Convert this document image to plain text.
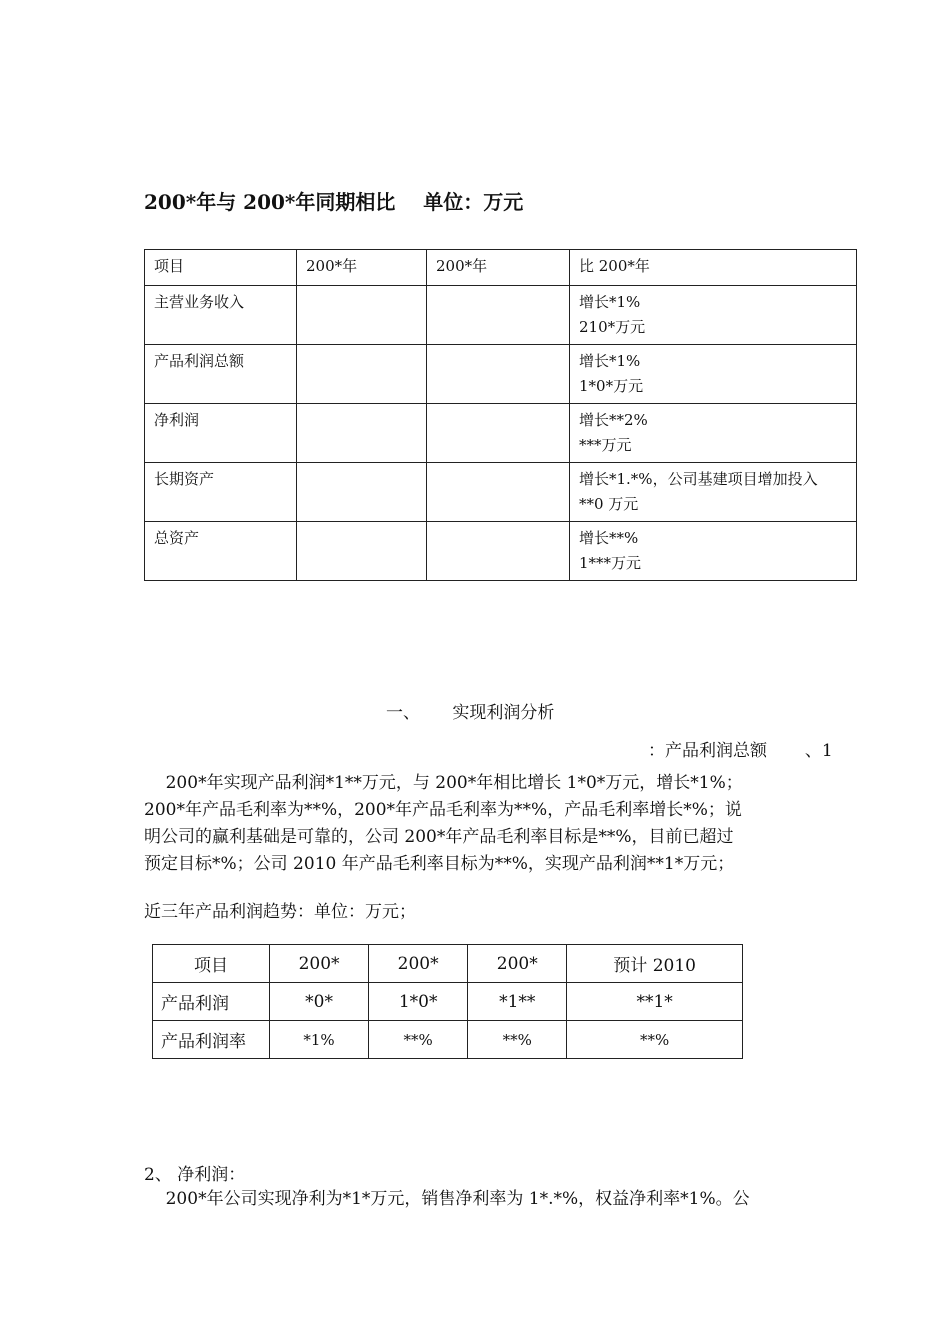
200*年与 200*年同期相比    单位：万元
项目	200*年	200*年	比 200*年
主营业务收入			增长*1%
210*万元

产品利润总额			增长*1%
1*0*万元

净利润			增长**2%
***万元

长期资产			增长*1.*%，公司基建项目增加投入
**0 万元

总资产			增长**%
1***万元
一、      实现利润分析
：产品利润总额       、1
200*年实现产品利润*1**万元，与 200*年相比增长 1*0*万元，增长*1%；
200*年产品毛利率为**%，200*年产品毛利率为**%，产品毛利率增长*%；说
明公司的赢利基础是可靠的，公司 200*年产品毛利率目标是**%，目前已超过
预定目标*%；公司 2010 年产品毛利率目标为**%，实现产品利润**1*万元；
近三年产品利润趋势：单位：万元；
项目	200*	200*	200*	预计 2010
产品利润	*0*	1*0*	*1**	**1*
产品利润率	*1%	**%	**%	**%
2、 净利润：
200*年公司实现净利为*1*万元，销售净利率为 1*.*%，权益净利率*1%。公
